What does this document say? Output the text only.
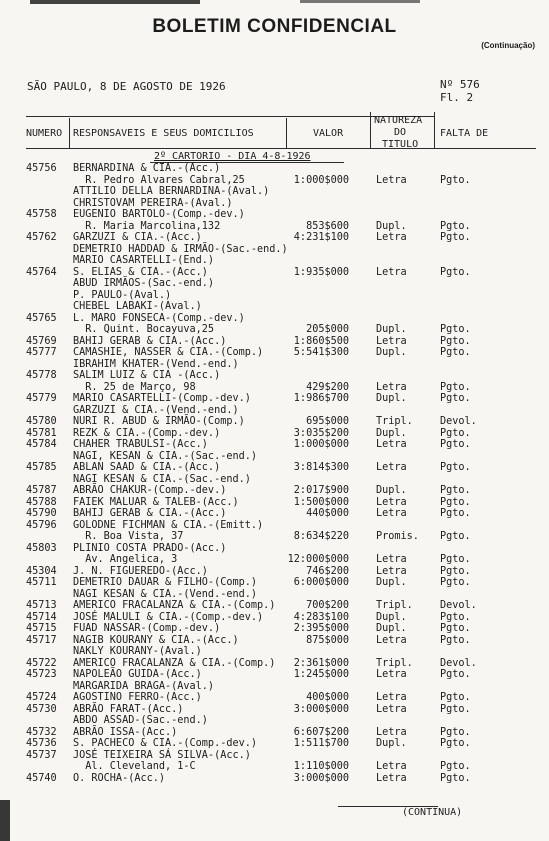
BOLETIM CONFIDENCIAL
(Continuação)
SÃO PAULO, 8 DE AGOSTO DE 1926	Nº 576
Fl. 2
NUMERO RESPONSAVEIS E SEUS DOMICILIOS	VALOR
NATUREZA
DO
TITULO
FALTA DE
2º CARTORIO - DIA 4-8-1926
45756 BERNARDINA & CIA.-(Acc.)
R. Pedro Alvares Cabral,25	1:000$000	Letra	Pgto.
ATTILIO DELLA BERNARDINA-(Aval.)
CHRISTOVAM PEREIRA-(Aval.)
45758 EUGENIO BARTOLO-(Comp.-dev.)
R. Maria Marcolina,132	853$600	Dupl.	Pgto.
45762 GARZUZI & CIA.-(Acc.)	4:231$100	Letra	Pgto.
DEMETRIO HADDAD & IRMÃO-(Sac.-end.)
MARIO CASARTELLI-(End.)
45764 S. ELIAS & CIA.-(Acc.)	1:935$000	Letra	Pgto.
ABUD IRMÃOS-(Sac.-end.)
P. PAULO-(Aval.)
CHEBEL LABAKI-(Aval.)
45765 L. MARO FONSECA-(Comp.-dev.)
R. Quint. Bocayuva,25	205$000	Dupl.	Pgto.
45769 BAHIJ GERAB & CIA.-(Acc.)	1:860$500	Letra	Pgto.
45777 CAMASHIE, NASSER & CIA.-(Comp.)	5:541$300	Dupl.	Pgto.
IBRAHIM KHATER-(Vend.-end.)
45778 SALIM LUIZ & CIA -(Acc.)
R. 25 de Março, 98	429$200	Letra	Pgto.
45779 MARIO CASARTELLI-(Comp.-dev.)	1:986$700	Dupl.	Pgto.
GARZUZI & CIA.-(Vend.-end.)
45780 NURI R. ABUD & IRMÃO-(Comp.)	695$000	Tripl.	Devol.
45781 REZK & CIA.-(Comp.-dev.)	3:035$200	Dupl.	Pgto.
45784 CHAHER TRABULSI-(Acc.)	1:000$000	Letra	Pgto.
NAGI, KESAN & CIA.-(Sac.-end.)
45785 ABLAN SAAD & CIA.-(Acc.)	3:814$300	Letra	Pgto.
NAGI KESAN & CIA.-(Sac.-end.)
45787 ABRÃO CHAKUR-(Comp.-dev.)	2:017$900	Dupl.	Pgto.
45788 FAIEK MALUAR & TALEB-(Acc.)	1:500$000	Letra	Pgto.
45790 BAHIJ GERAB & CIA.-(Acc.)	440$000	Letra	Pgto.
45796 GOLODNE FICHMAN & CIA.-(Emitt.)
R. Boa Vista, 37	8:634$220	Promis. Pgto.
45803 PLINIO COSTA PRADO-(Acc.)
Av. Angelica, 3	12:000$000	Letra	Pgto.
45304 J. N. FIGUEREDO-(Acc.)	746$200	Letra	Pgto.
45711 DEMETRIO DAUAR & FILHO-(Comp.)	6:000$000	Dupl.	Pgto.
NAGI KESAN & CIA.-(Vend.-end.)
45713 AMERICO FRACALANZA & CIA.-(Comp.)	700$200	Tripl.	Devol.
45714 JOSÉ MALULI & CIA.-(Comp.-dev.)	4:283$100	Dupl.	Pgto.
45715 FUAD NASSAR-(Comp.-dev.)	2:395$000	Dupl.	Pgto.
45717 NAGIB KOURANY & CIA.-(Acc.)	875$000	Letra	Pgto.
NAKLY KOURANY-(Aval.)
45722 AMERICO FRACALANZA & CIA.-(Comp.) 2:361$000	Tripl.	Devol.
45723 NAPOLEÃO GUIDA-(Acc.)	1:245$000	Letra	Pgto.
MARGARIDA BRAGA-(Aval.)
45724 AGOSTINO FERRO-(Acc.)	400$000	Letra	Pgto.
45730 ABRÃO FARAT-(Acc.)	3:000$000	Letra	Pgto.
ABDO ASSAD-(Sac.-end.)
45732 ABRÃO ISSA-(Acc.)	6:607$200	Letra	Pgto.
45736 S. PACHECO & CIA.-(Comp.-dev.)	1:511$700	Dupl.	Pgto.
45737 JOSÉ TEIXEIRA SÁ SILVA-(Acc.)
Al. Cleveland, 1-C	1:110$000	Letra	Pgto.
45740 O. ROCHA-(Acc.)	3:000$000	Letra	Pgto.
(CONTINUA)
